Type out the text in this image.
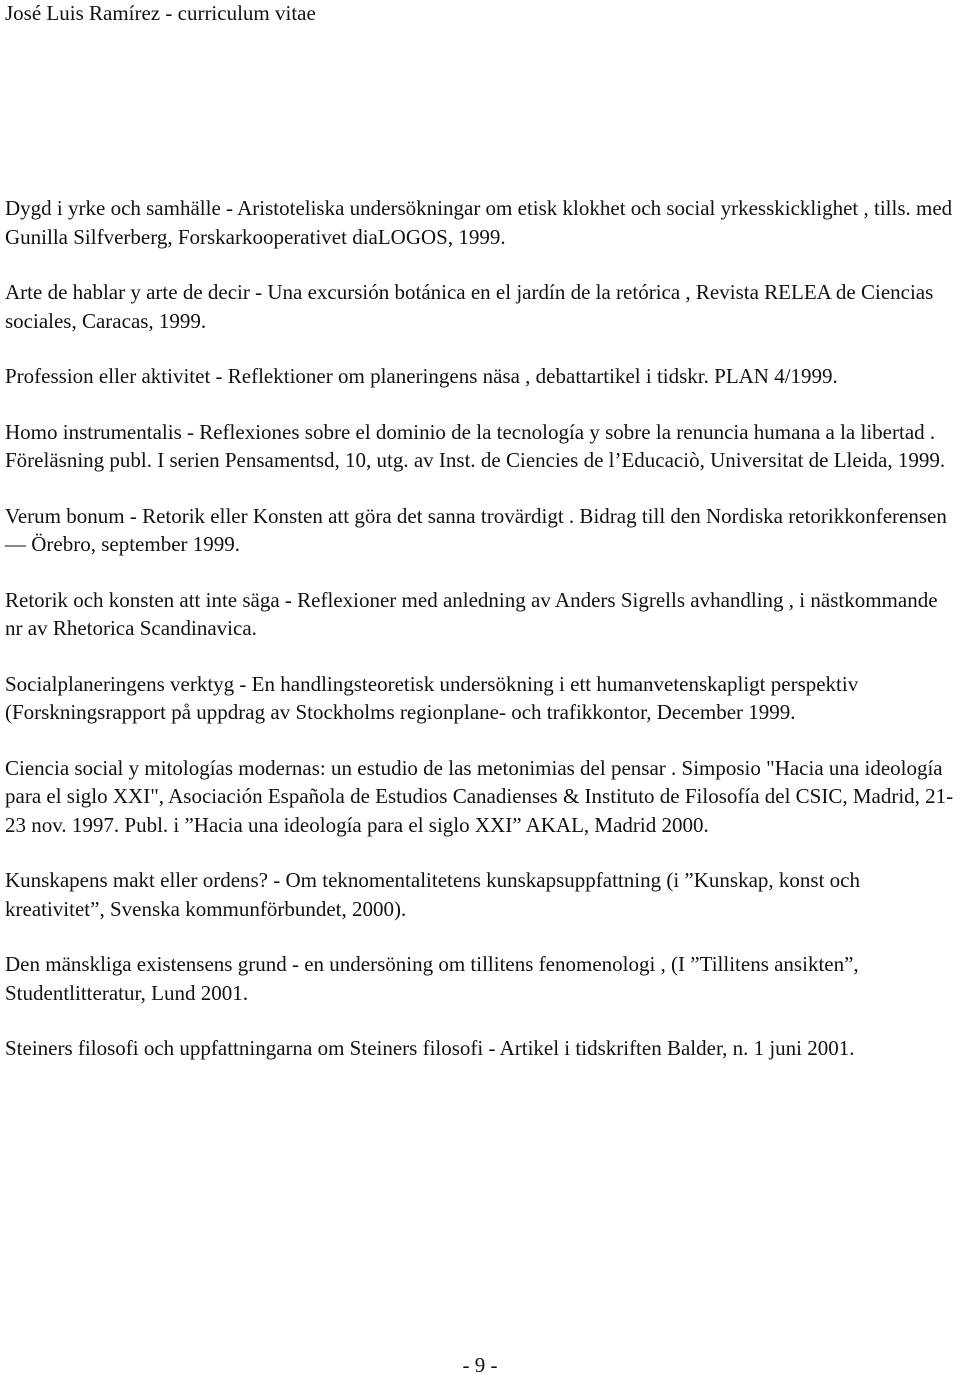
José Luis Ramírez - curriculum vitae

Dygd i yrke och samhälle - Aristoteliska undersökningar om etisk klokhet och social yrkesskicklighet , tills. med Gunilla Silfverberg, Forskarkooperativet diaLOGOS, 1999.

Arte de hablar y arte de decir - Una excursión botánica en el jardín de la retórica , Revista RELEA de Ciencias sociales, Caracas, 1999.

Profession eller aktivitet - Reflektioner om planeringens näsa , debattartikel i tidskr. PLAN 4/1999.

Homo instrumentalis - Reflexiones sobre el dominio de la tecnología y sobre la renuncia humana a la libertad . Föreläsning publ. I serien Pensamentsd, 10, utg. av Inst. de Ciencies de l’Educaciò, Universitat de Lleida, 1999.

Verum bonum - Retorik eller Konsten att göra det sanna trovärdigt . Bidrag till den Nordiska retorikkonferensen — Örebro, september 1999.

Retorik och konsten att inte säga - Reflexioner med anledning av Anders Sigrells avhandling , i nästkommande nr av Rhetorica Scandinavica.

Socialplaneringens verktyg - En handlingsteoretisk undersökning i ett humanvetenskapligt perspektiv (Forskningsrapport på uppdrag av Stockholms regionplane- och trafikkontor, December 1999.

Ciencia social y mitologías modernas: un estudio de las metonimias del pensar . Simposio "Hacia una ideología para el siglo XXI", Asociación Española de Estudios Canadienses & Instituto de Filosofía del CSIC, Madrid, 21-23 nov. 1997. Publ. i ”Hacia una ideología para el siglo XXI” AKAL, Madrid 2000.

Kunskapens makt eller ordens? - Om teknomentalitetens kunskapsuppfattning (i ”Kunskap, konst och kreativitet”, Svenska kommunförbundet, 2000).

Den mänskliga existensens grund - en undersöning om tillitens fenomenologi , (I ”Tillitens ansikten”, Studentlitteratur, Lund 2001.

Steiners filosofi och uppfattningarna om Steiners filosofi - Artikel i tidskriften Balder, n. 1 juni 2001.

- 9 -
